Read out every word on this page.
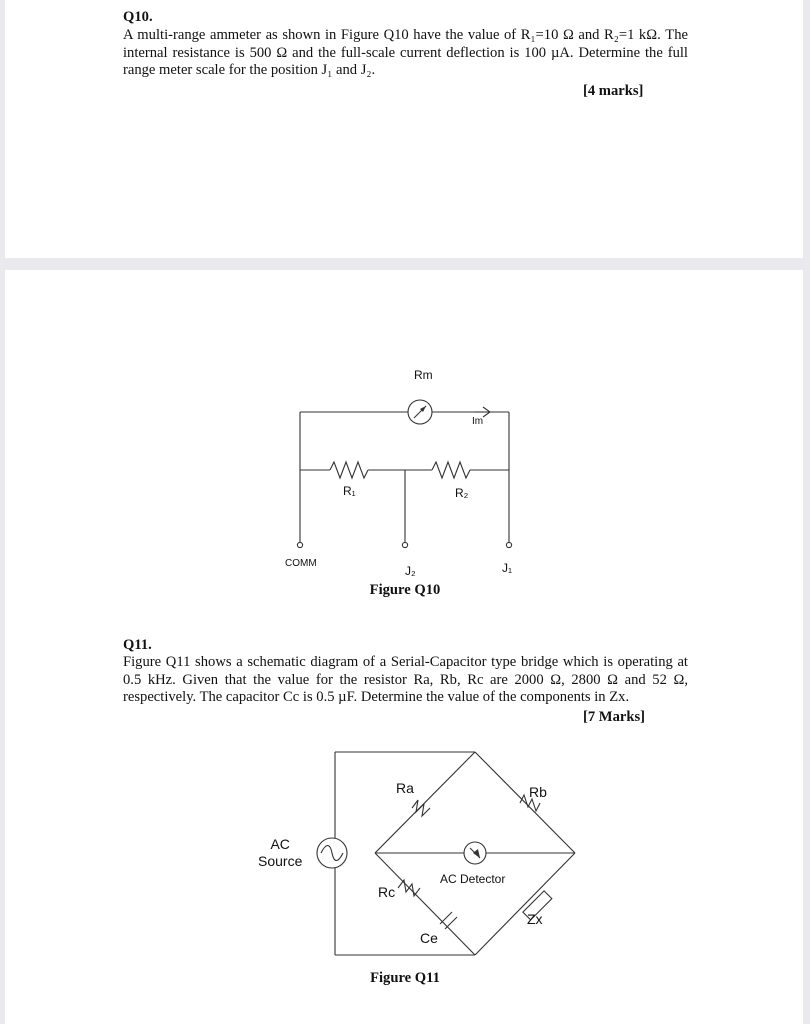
Q10.
A multi-range ammeter as shown in Figure Q10 have the value of R₁=10 Ω and R₂=1 kΩ. The internal resistance is 500 Ω and the full-scale current deflection is 100 µA. Determine the full range meter scale for the position J₁ and J₂.
[4 marks]
Rm
Im
R₁	R₂
COMM
J₂	J₁
Figure Q10
Q11.
Figure Q11 shows a schematic diagram of a Serial-Capacitor type bridge which is operating at 0.5 kHz. Given that the value for the resistor Ra, Rb, Rc are 2000 Ω, 2800 Ω and 52 Ω, respectively. The capacitor Cc is 0.5 µF. Determine the value of the components in Zx.
[7 Marks]
AC
Source
Ra	Rb
Rc
Ce
Zx
AC Detector
Figure Q11
